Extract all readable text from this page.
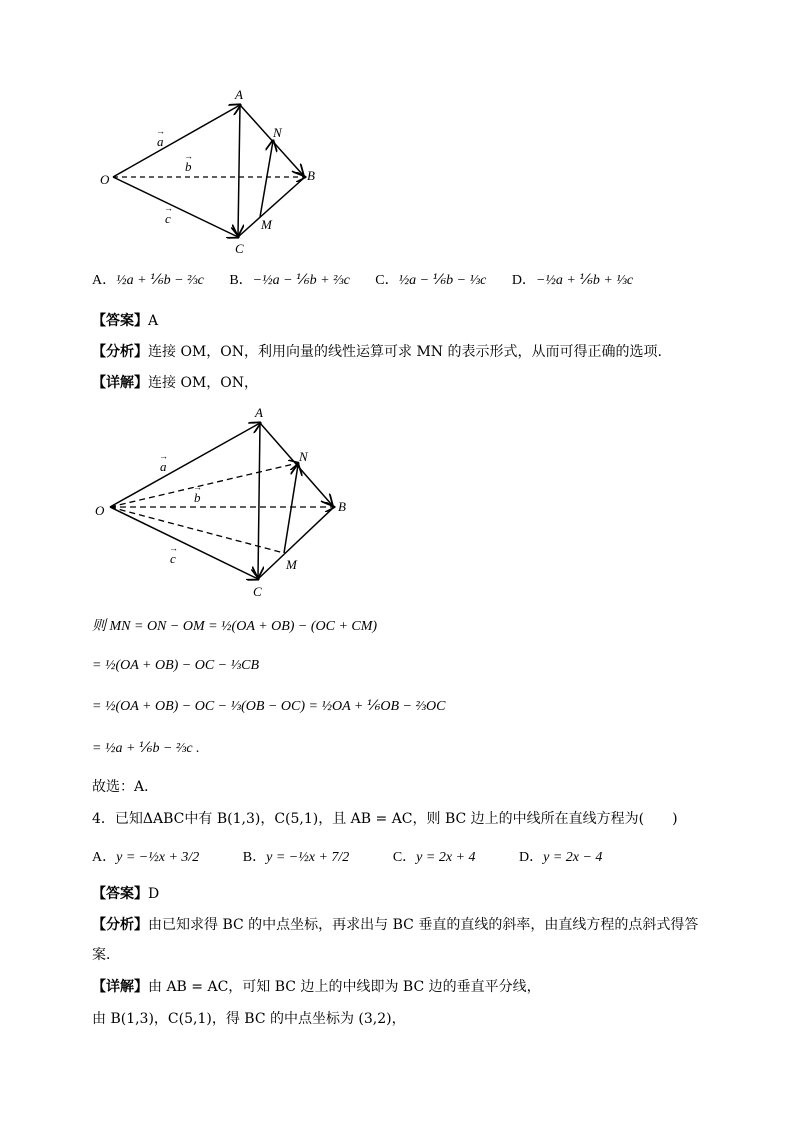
A
B
C
O
M
N
a
→
b
→
c
→
A．½a + ⅙b − ⅔c B．−½a − ⅙b + ⅔c C．½a − ⅙b − ⅓c D．−½a + ⅙b + ⅓c
【答案】A
【分析】连接 OM，ON，利用向量的线性运算可求 MN 的表示形式，从而可得正确的选项.
【详解】连接 OM，ON，
A
B
C
O
M
N
a
→
b
→
c
→
则 MN = ON − OM = ½(OA + OB) − (OC + CM)
= ½(OA + OB) − OC − ⅓CB
= ½(OA + OB) − OC − ⅓(OB − OC) = ½OA + ⅙OB − ⅔OC
= ½a + ⅙b − ⅔c .
故选：A．
4．已知ΔABC中有 B(1,3)，C(5,1)，且 AB = AC，则 BC 边上的中线所在直线方程为(　　)
A．y = −½x + 3/2	B．y = −½x + 7/2	C．y = 2x + 4	D．y = 2x − 4
【答案】D
【分析】由已知求得 BC 的中点坐标，再求出与 BC 垂直的直线的斜率，由直线方程的点斜式得答
案．
【详解】由 AB = AC，可知 BC 边上的中线即为 BC 边的垂直平分线，
由 B(1,3)，C(5,1)，得 BC 的中点坐标为 (3,2)，
